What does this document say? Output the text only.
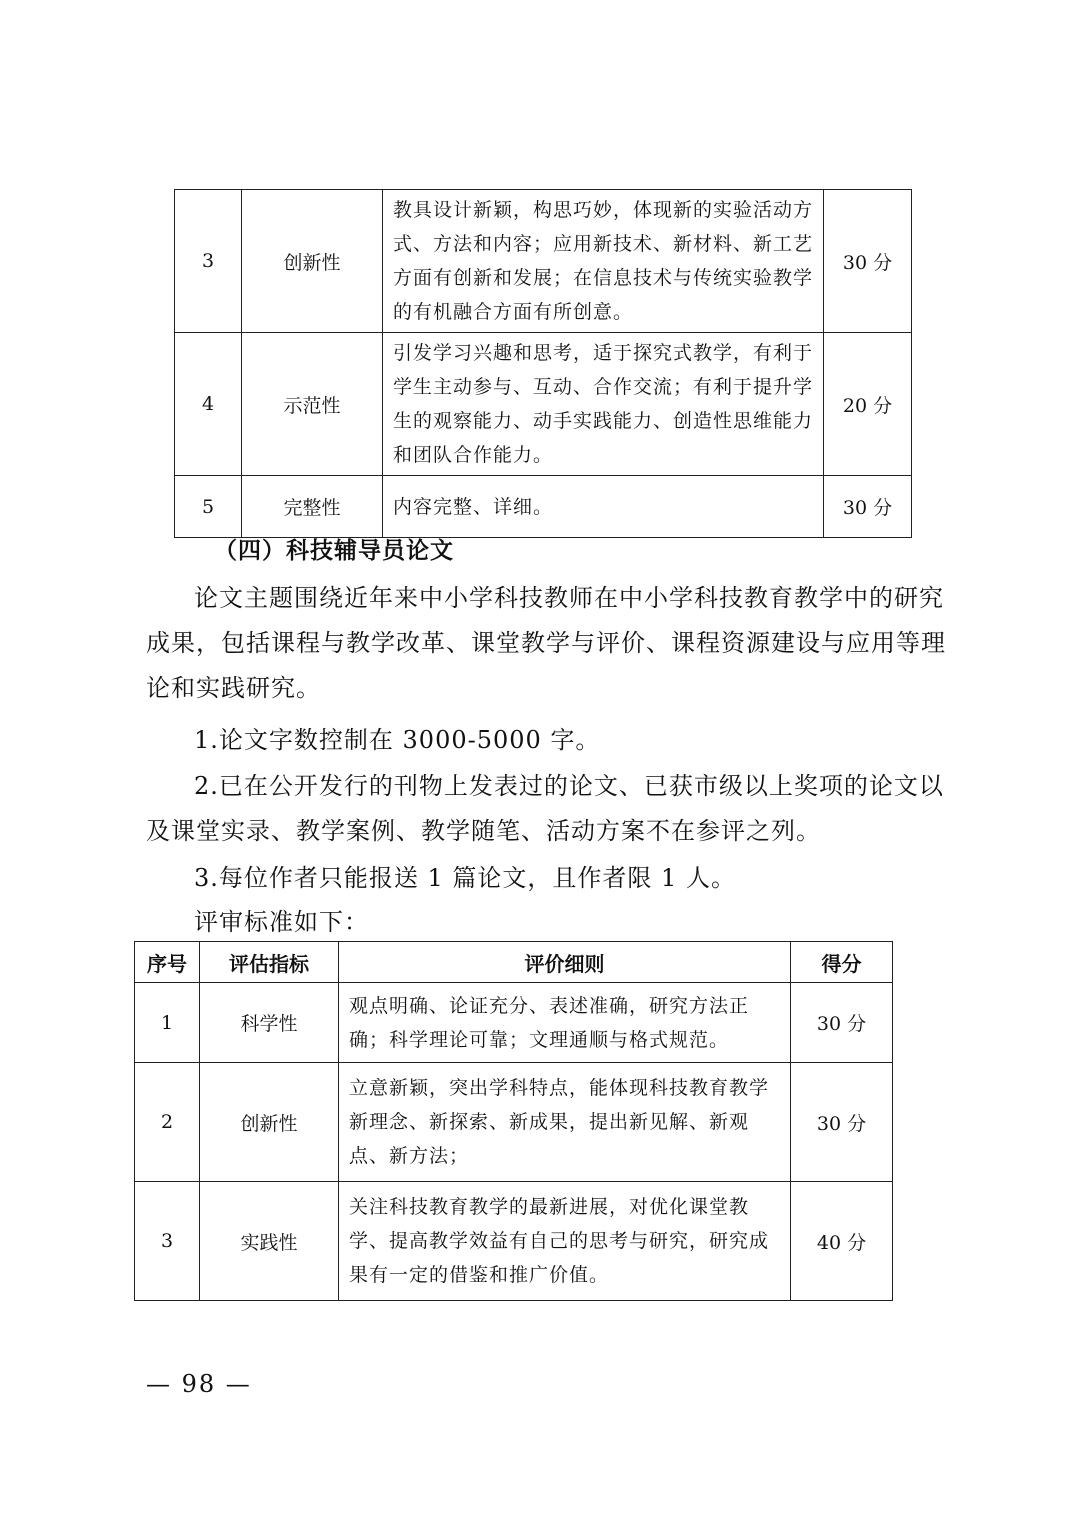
3	创新性	教具设计新颖，构思巧妙，体现新的实验活动方式、方法和内容；应用新技术、新材料、新工艺方面有创新和发展；在信息技术与传统实验教学的有机融合方面有所创意。	30 分
4	示范性	引发学习兴趣和思考，适于探究式教学，有利于学生主动参与、互动、合作交流；有利于提升学生的观察能力、动手实践能力、创造性思维能力和团队合作能力。	20 分
5	完整性	内容完整、详细。	30 分
（四）科技辅导员论文
论文主题围绕近年来中小学科技教师在中小学科技教育教学中的研究成果，包括课程与教学改革、课堂教学与评价、课程资源建设与应用等理论和实践研究。
1.论文字数控制在 3000-5000 字。
2.已在公开发行的刊物上发表过的论文、已获市级以上奖项的论文以及课堂实录、教学案例、教学随笔、活动方案不在参评之列。
3.每位作者只能报送 1 篇论文，且作者限 1 人。
评审标准如下：
序号	评估指标	评价细则	得分
1	科学性	观点明确、论证充分、表述准确，研究方法正确；科学理论可靠；文理通顺与格式规范。	30 分
2	创新性	立意新颖，突出学科特点，能体现科技教育教学新理念、新探索、新成果，提出新见解、新观点、新方法；	30 分
3	实践性	关注科技教育教学的最新进展，对优化课堂教学、提高教学效益有自己的思考与研究，研究成果有一定的借鉴和推广价值。	40 分
— 98 —
